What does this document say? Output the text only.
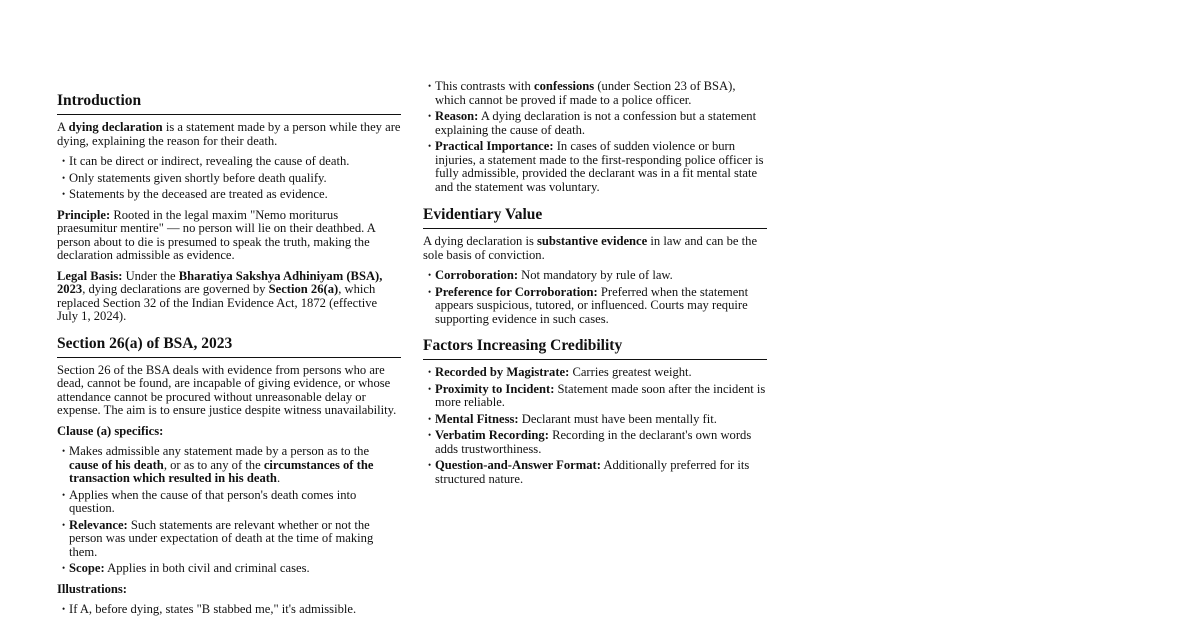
Introduction

A dying declaration is a statement made by a person while they are dying, explaining the reason for their death.

• It can be direct or indirect, revealing the cause of death.
• Only statements given shortly before death qualify.
• Statements by the deceased are treated as evidence.

Principle: Rooted in the legal maxim "Nemo moriturus praesumitur mentire" — no person will lie on their deathbed. A person about to die is presumed to speak the truth, making the declaration admissible as evidence.

Legal Basis: Under the Bharatiya Sakshya Adhiniyam (BSA), 2023, dying declarations are governed by Section 26(a), which replaced Section 32 of the Indian Evidence Act, 1872 (effective July 1, 2024).

Section 26(a) of BSA, 2023

Section 26 of the BSA deals with evidence from persons who are dead, cannot be found, are incapable of giving evidence, or whose attendance cannot be procured without unreasonable delay or expense. The aim is to ensure justice despite witness unavailability.

Clause (a) specifics:

• Makes admissible any statement made by a person as to the cause of his death, or as to any of the circumstances of the transaction which resulted in his death.
• Applies when the cause of that person's death comes into question.
• Relevance: Such statements are relevant whether or not the person was under expectation of death at the time of making them.
• Scope: Applies in both civil and criminal cases.

Illustrations:

• If A, before dying, states "B stabbed me," it's admissible.
• This contrasts with confessions (under Section 23 of BSA), which cannot be proved if made to a police officer.
• Reason: A dying declaration is not a confession but a statement explaining the cause of death.
• Practical Importance: In cases of sudden violence or burn injuries, a statement made to the first-responding police officer is fully admissible, provided the declarant was in a fit mental state and the statement was voluntary.
Evidentiary Value

A dying declaration is substantive evidence in law and can be the sole basis of conviction.

• Corroboration: Not mandatory by rule of law.
• Preference for Corroboration: Preferred when the statement appears suspicious, tutored, or influenced. Courts may require supporting evidence in such cases.
Factors Increasing Credibility
• Recorded by Magistrate: Carries greatest weight.
• Proximity to Incident: Statement made soon after the incident is more reliable.
• Mental Fitness: Declarant must have been mentally fit.
• Verbatim Recording: Recording in the declarant's own words adds trustworthiness.
• Question-and-Answer Format: Additionally preferred for its structured nature.
